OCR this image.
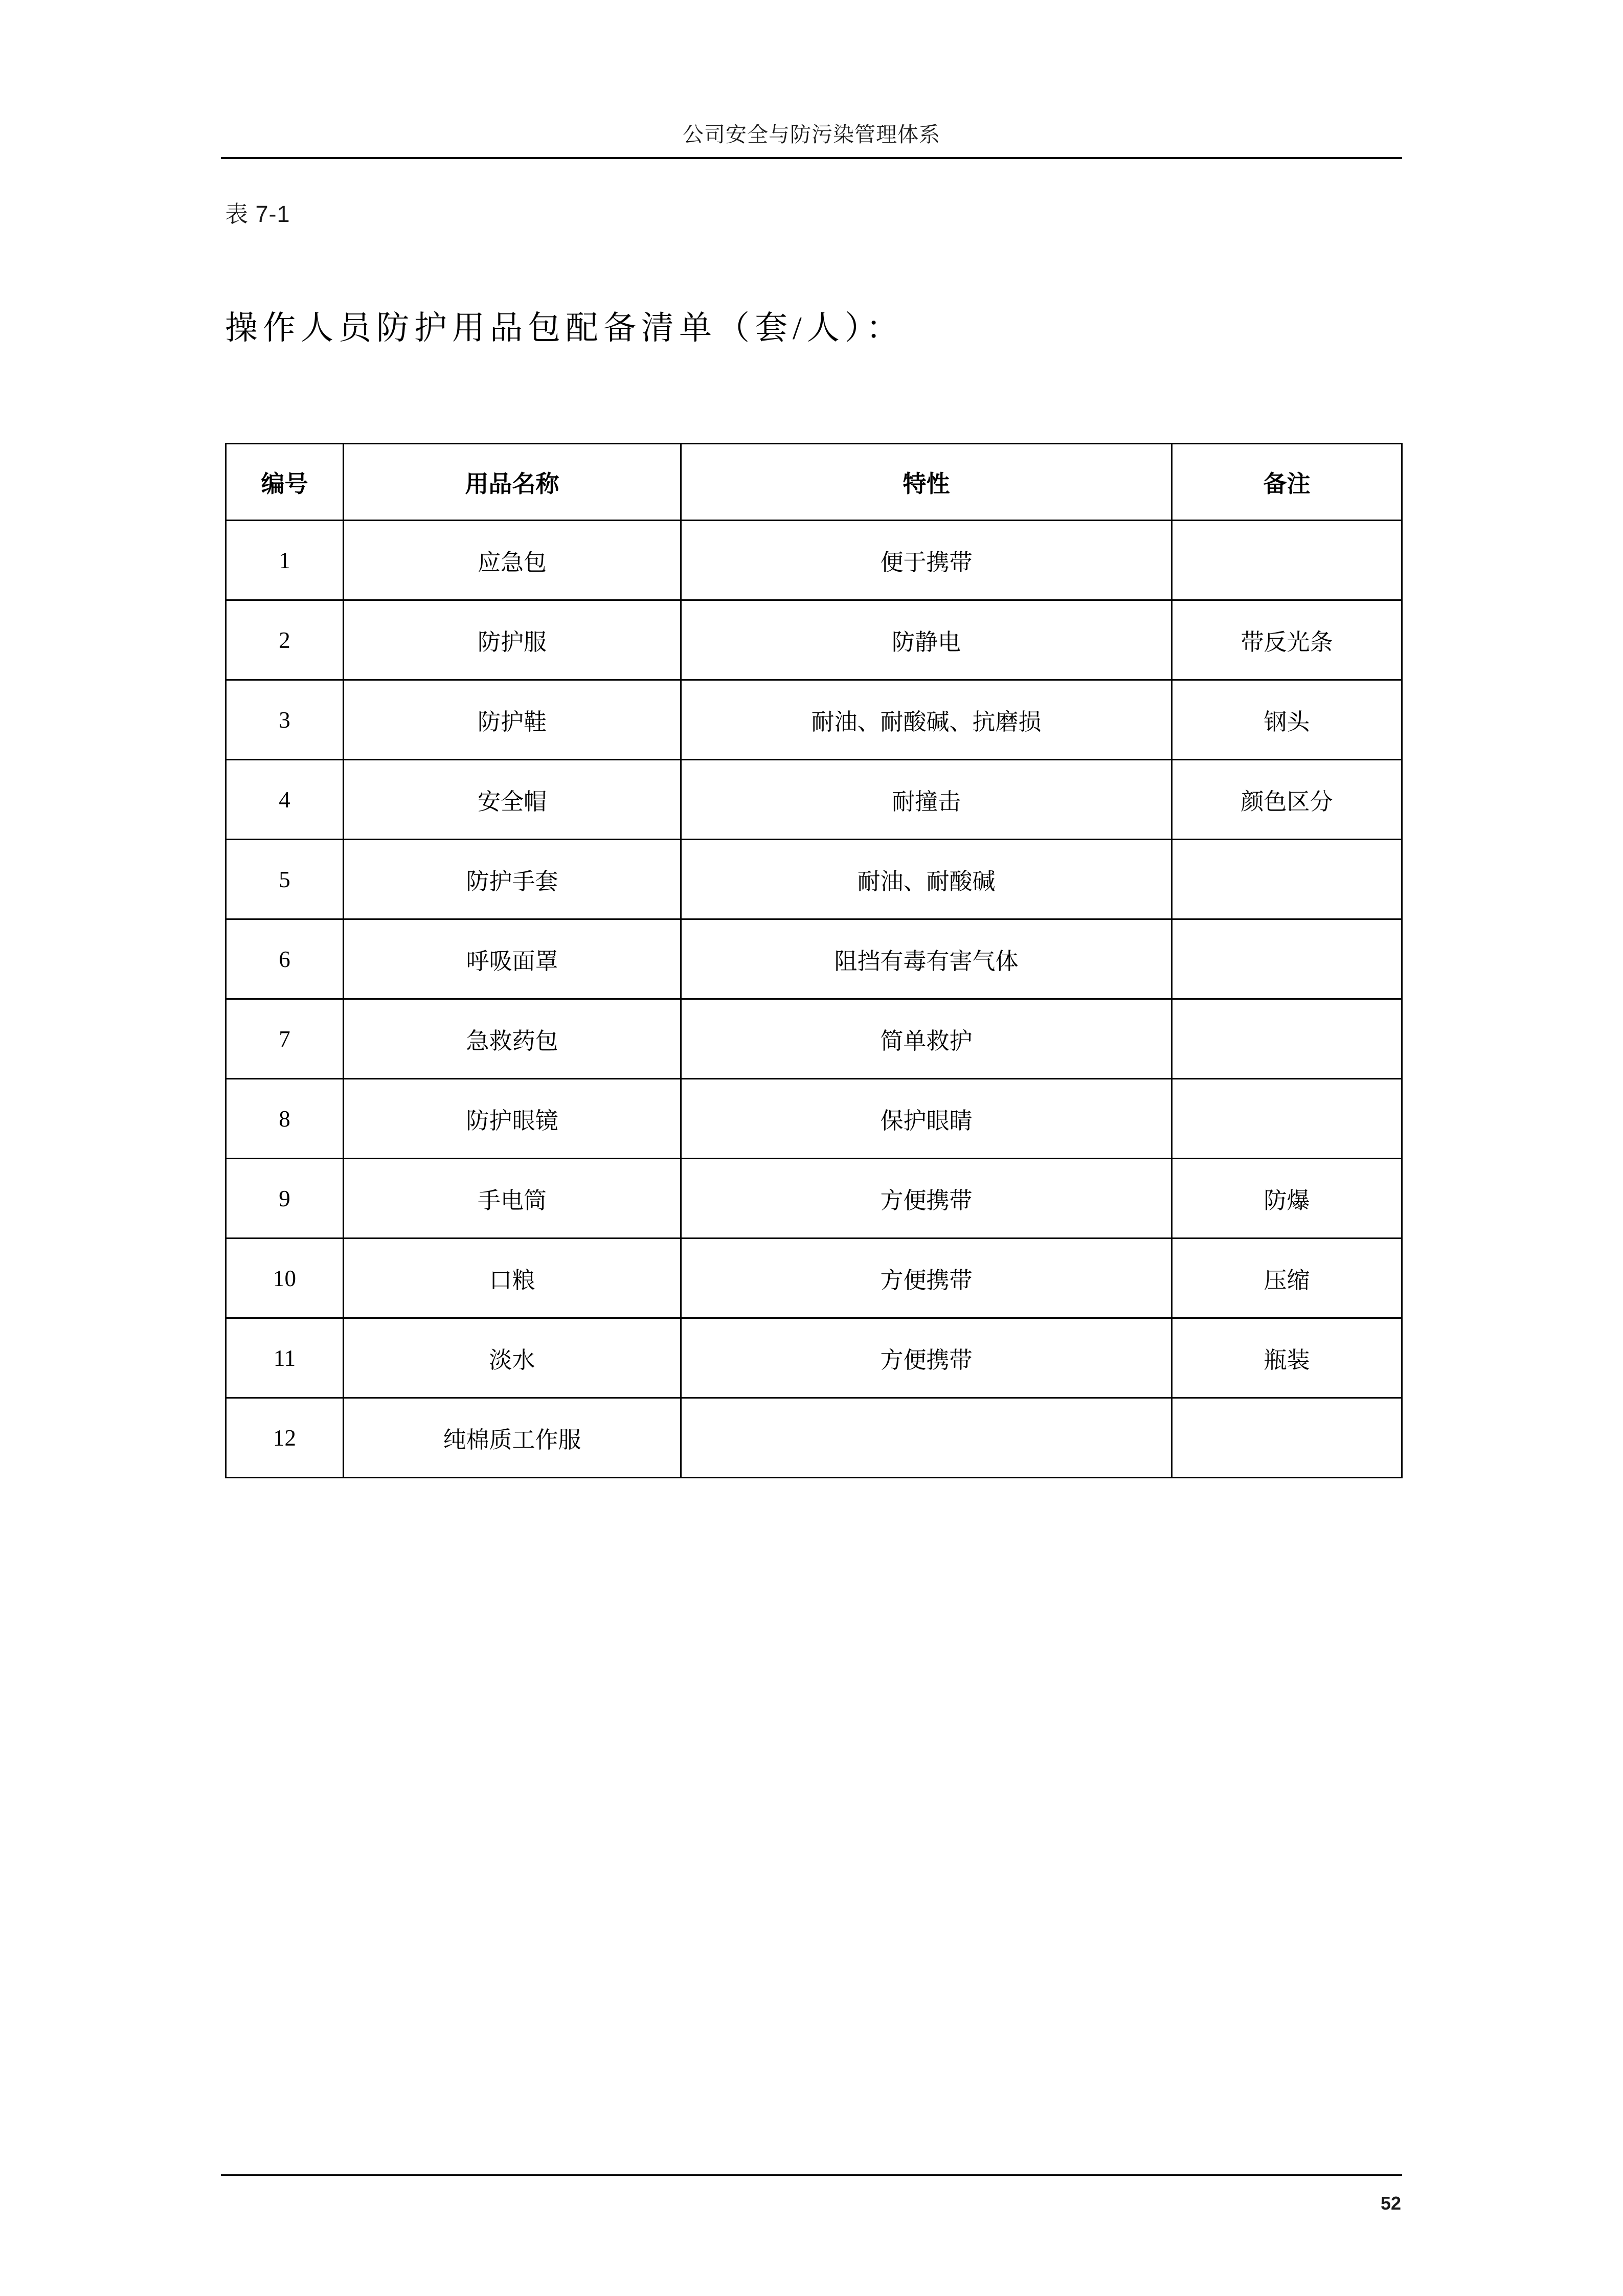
公司安全与防污染管理体系
表 7-1
操作人员防护用品包配备清单（套/人）：
编号	用品名称	特性	备注
1	应急包	便于携带	
2	防护服	防静电	带反光条
3	防护鞋	耐油、耐酸碱、抗磨损	钢头
4	安全帽	耐撞击	颜色区分
5	防护手套	耐油、耐酸碱	
6	呼吸面罩	阻挡有毒有害气体	
7	急救药包	简单救护	
8	防护眼镜	保护眼睛	
9	手电筒	方便携带	防爆
10	口粮	方便携带	压缩
11	淡水	方便携带	瓶装
12	纯棉质工作服		
52
